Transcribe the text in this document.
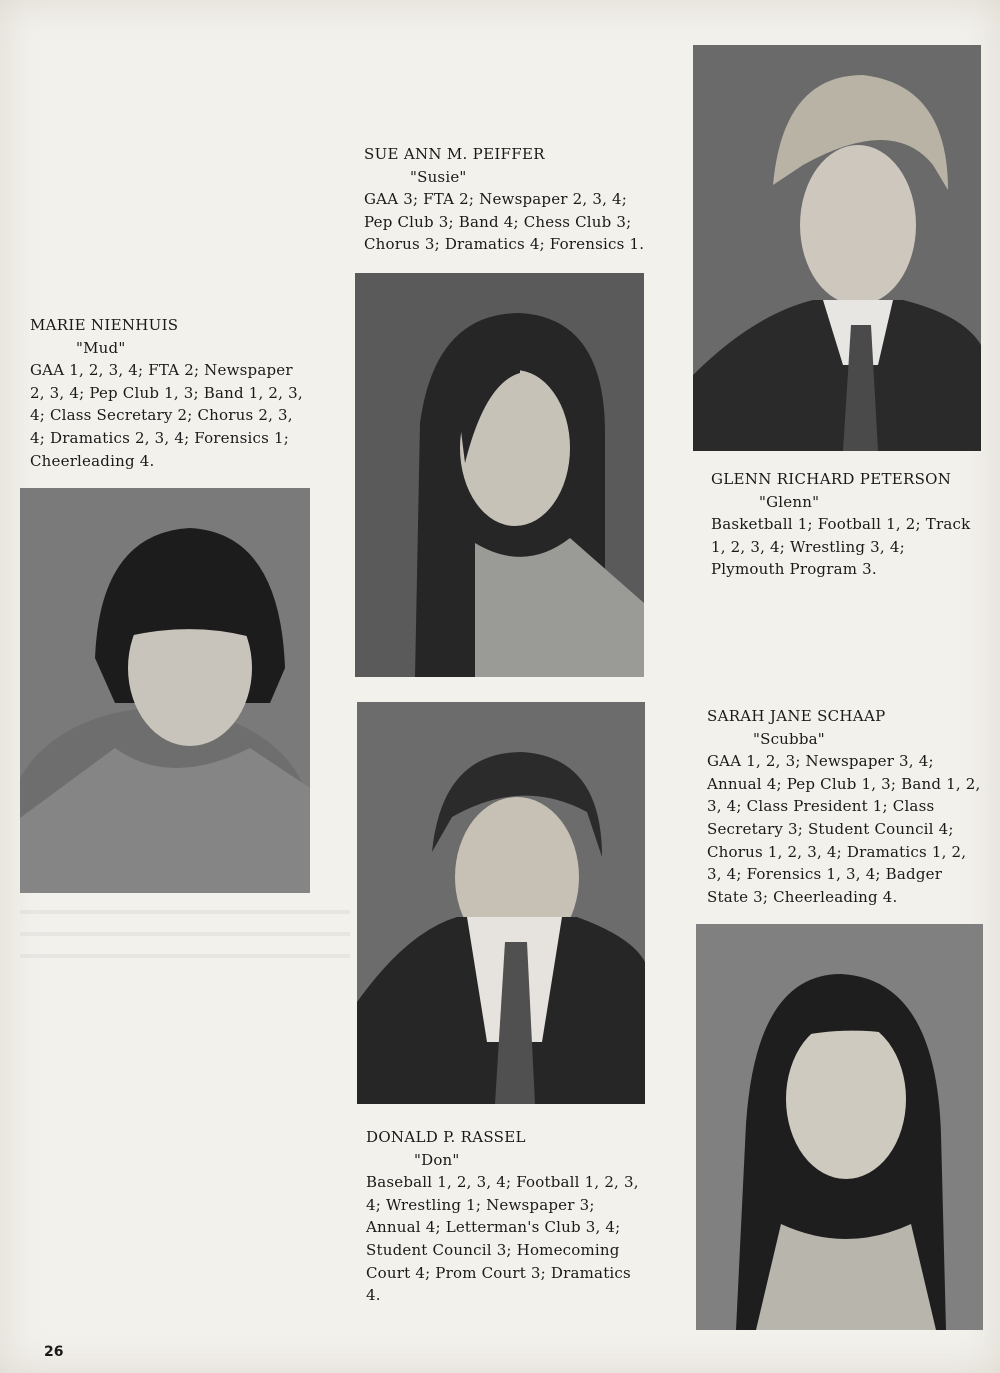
MARIE NIENHUIS
"Mud"
GAA 1, 2, 3, 4; FTA 2; Newspaper 2, 3, 4; Pep Club 1, 3; Band 1, 2, 3, 4; Class Secretary 2; Chorus 2, 3, 4; Dramatics 2, 3, 4; Forensics 1; Cheerleading 4.
SUE ANN M. PEIFFER
"Susie"
GAA 3; FTA 2; Newspaper 2, 3, 4; Pep Club 3; Band 4; Chess Club 3; Chorus 3; Dramatics 4; Forensics 1.
GLENN RICHARD PETERSON
"Glenn"
Basketball 1; Football 1, 2; Track 1, 2, 3, 4; Wrestling 3, 4; Plymouth Program 3.
SARAH JANE SCHAAP
"Scubba"
GAA 1, 2, 3; Newspaper 3, 4; Annual 4; Pep Club 1, 3; Band 1, 2, 3, 4; Class President 1; Class Secretary 3; Student Council 4; Chorus 1, 2, 3, 4; Dramatics 1, 2, 3, 4; Forensics 1, 3, 4; Badger State 3; Cheerleading 4.
DONALD P. RASSEL
"Don"
Baseball 1, 2, 3, 4; Football 1, 2, 3, 4; Wrestling 1; Newspaper 3; Annual 4; Letterman's Club 3, 4; Student Council 3; Homecoming Court 4; Prom Court 3; Dramatics 4.
26
